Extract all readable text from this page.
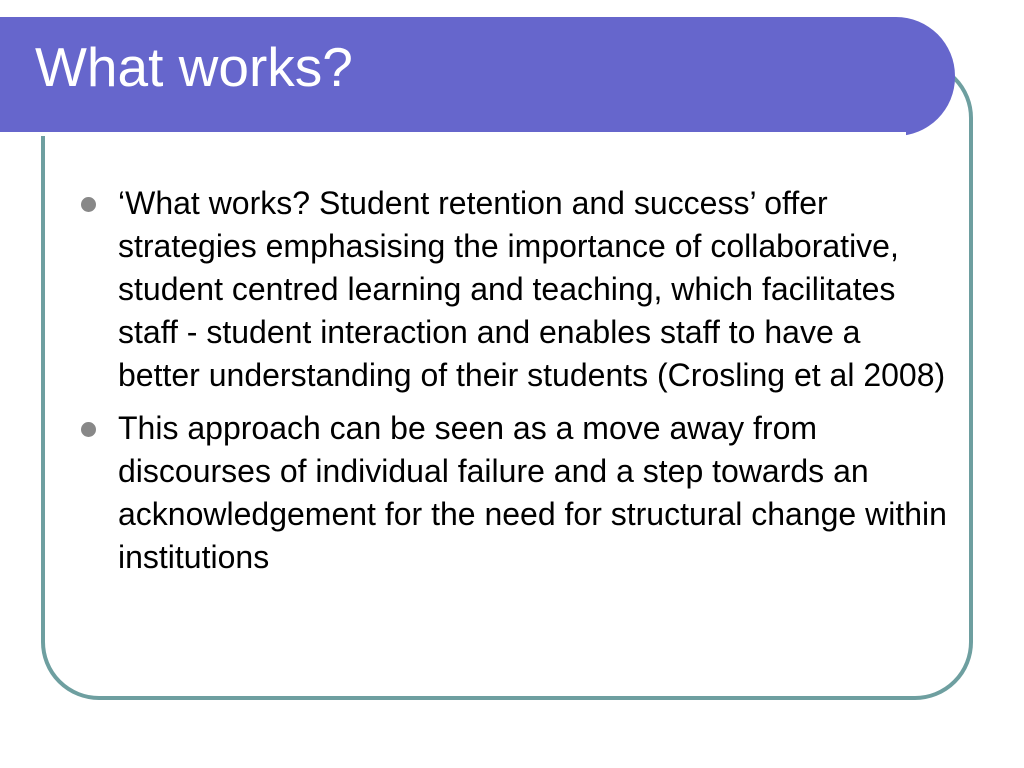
What works?
‘What works? Student retention and success’ offer strategies emphasising the importance of collaborative, student centred learning and teaching, which facilitates staff - student interaction and enables staff to have a better understanding of their students (Crosling et al 2008)
This approach can be seen as a move away from discourses of individual failure and a step towards an acknowledgement for the need for structural change within institutions
